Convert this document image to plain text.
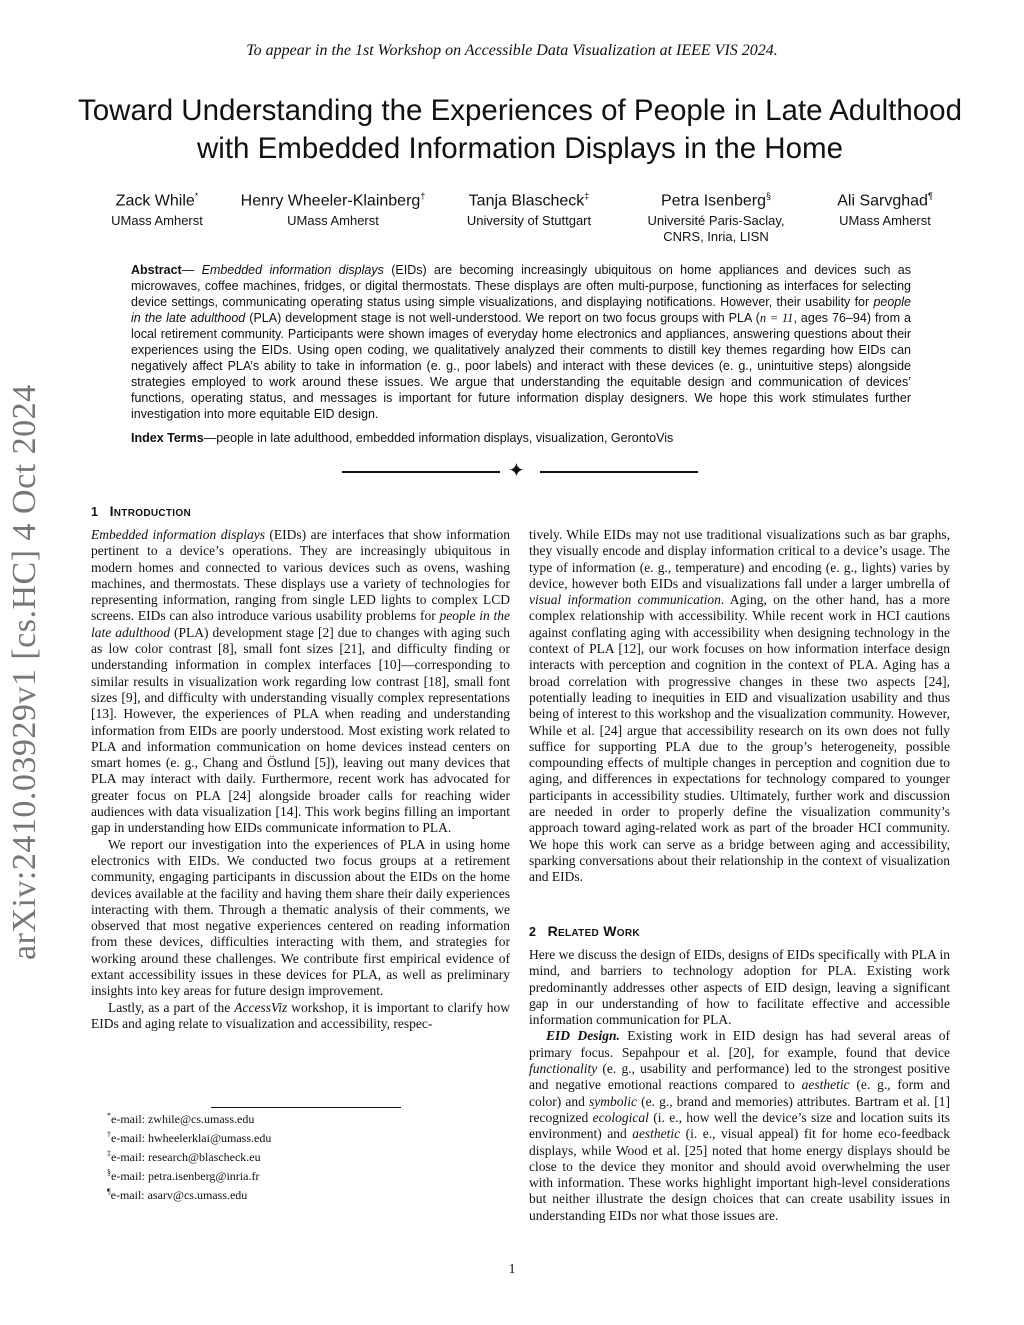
To appear in the 1st Workshop on Accessible Data Visualization at IEEE VIS 2024.
Toward Understanding the Experiences of People in Late Adulthood
with Embedded Information Displays in the Home
Zack While*
UMass Amherst
Henry Wheeler-Klainberg†
UMass Amherst
Tanja Blascheck‡
University of Stuttgart
Petra Isenberg§
Université Paris-Saclay,
CNRS, Inria, LISN
Ali Sarvghad¶
UMass Amherst
Abstract— Embedded information displays (EIDs) are becoming increasingly ubiquitous on home appliances and devices such as microwaves, coffee machines, fridges, or digital thermostats. These displays are often multi-purpose, functioning as interfaces for selecting device settings, communicating operating status using simple visualizations, and displaying notifications. However, their usability for people in the late adulthood (PLA) development stage is not well-understood. We report on two focus groups with PLA (n = 11, ages 76–94) from a local retirement community. Participants were shown images of everyday home electronics and appliances, answering questions about their experiences using the EIDs. Using open coding, we qualitatively analyzed their comments to distill key themes regarding how EIDs can negatively affect PLA’s ability to take in information (e. g., poor labels) and interact with these devices (e. g., unintuitive steps) alongside strategies employed to work around these issues. We argue that understanding the equitable design and communication of devices’ functions, operating status, and messages is important for future information display designers. We hope this work stimulates further investigation into more equitable EID design.
Index Terms—people in late adulthood, embedded information displays, visualization, GerontoVis
✦
arXiv:2410.03929v1 [cs.HC] 4 Oct 2024	1 Introduction

Embedded information displays (EIDs) are interfaces that show information pertinent to a device’s operations. They are increasingly ubiquitous in modern homes and connected to various devices such as ovens, washing machines, and thermostats. These displays use a variety of technologies for representing information, ranging from single LED lights to complex LCD screens. EIDs can also introduce various usability problems for people in the late adulthood (PLA) development stage [2] due to changes with aging such as low color contrast [8], small font sizes [21], and difficulty finding or understanding information in complex interfaces [10]—corresponding to similar results in visualization work regarding low contrast [18], small font sizes [9], and difficulty with understanding visually complex representations [13]. However, the experiences of PLA when reading and understanding information from EIDs are poorly understood. Most existing work related to PLA and information communication on home devices instead centers on smart homes (e. g., Chang and Östlund [5]), leaving out many devices that PLA may interact with daily. Furthermore, recent work has advocated for greater focus on PLA [24] alongside broader calls for reaching wider audiences with data visualization [14]. This work begins filling an important gap in understanding how EIDs communicate information to PLA.

We report our investigation into the experiences of PLA in using home electronics with EIDs. We conducted two focus groups at a retirement community, engaging participants in discussion about the EIDs on the home devices available at the facility and having them share their daily experiences interacting with them. Through a thematic analysis of their comments, we observed that most negative experiences centered on reading information from these devices, difficulties interacting with them, and strategies for working around these challenges. We contribute first empirical evidence of extant accessibility issues in these devices for PLA, as well as preliminary insights into key areas for future design improvement.

Lastly, as a part of the AccessViz workshop, it is important to clarify how EIDs and aging relate to visualization and accessibility, respec-

tively. While EIDs may not use traditional visualizations such as bar graphs, they visually encode and display information critical to a device’s usage. The type of information (e. g., temperature) and encoding (e. g., lights) varies by device, however both EIDs and visualizations fall under a larger umbrella of visual information communication. Aging, on the other hand, has a more complex relationship with accessibility. While recent work in HCI cautions against conflating aging with accessibility when designing technology in the context of PLA [12], our work focuses on how information interface design interacts with perception and cognition in the context of PLA. Aging has a broad correlation with progressive changes in these two aspects [24], potentially leading to inequities in EID and visualization usability and thus being of interest to this workshop and the visualization community. However, While et al. [24] argue that accessibility research on its own does not fully suffice for supporting PLA due to the group’s heterogeneity, possible compounding effects of multiple changes in perception and cognition due to aging, and differences in expectations for technology compared to younger participants in accessibility studies. Ultimately, further work and discussion are needed in order to properly define the visualization community’s approach toward aging-related work as part of the broader HCI community. We hope this work can serve as a bridge between aging and accessibility, sparking conversations about their relationship in the context of visualization and EIDs.

2 Related Work

Here we discuss the design of EIDs, designs of EIDs specifically with PLA in mind, and barriers to technology adoption for PLA. Existing work predominantly addresses other aspects of EID design, leaving a significant gap in our understanding of how to facilitate effective and accessible information communication for PLA.

EID Design. Existing work in EID design has had several areas of primary focus. Sepahpour et al. [20], for example, found that device functionality (e. g., usability and performance) led to the strongest positive and negative emotional reactions compared to aesthetic (e. g., form and color) and symbolic (e. g., brand and memories) attributes. Bartram et al. [1] recognized ecological (i. e., how well the device’s size and location suits its environment) and aesthetic (i. e., visual appeal) fit for home eco-feedback displays, while Wood et al. [25] noted that home energy displays should be close to the device they monitor and should avoid overwhelming the user with information. These works highlight important high-level considerations but neither illustrate the design choices that can create usability issues in understanding EIDs nor what those issues are.

*e-mail: zwhile@cs.umass.edu
†e-mail: hwheelerklai@umass.edu
‡e-mail: research@blascheck.eu
§e-mail: petra.isenberg@inria.fr
¶e-mail: asarv@cs.umass.edu
1
